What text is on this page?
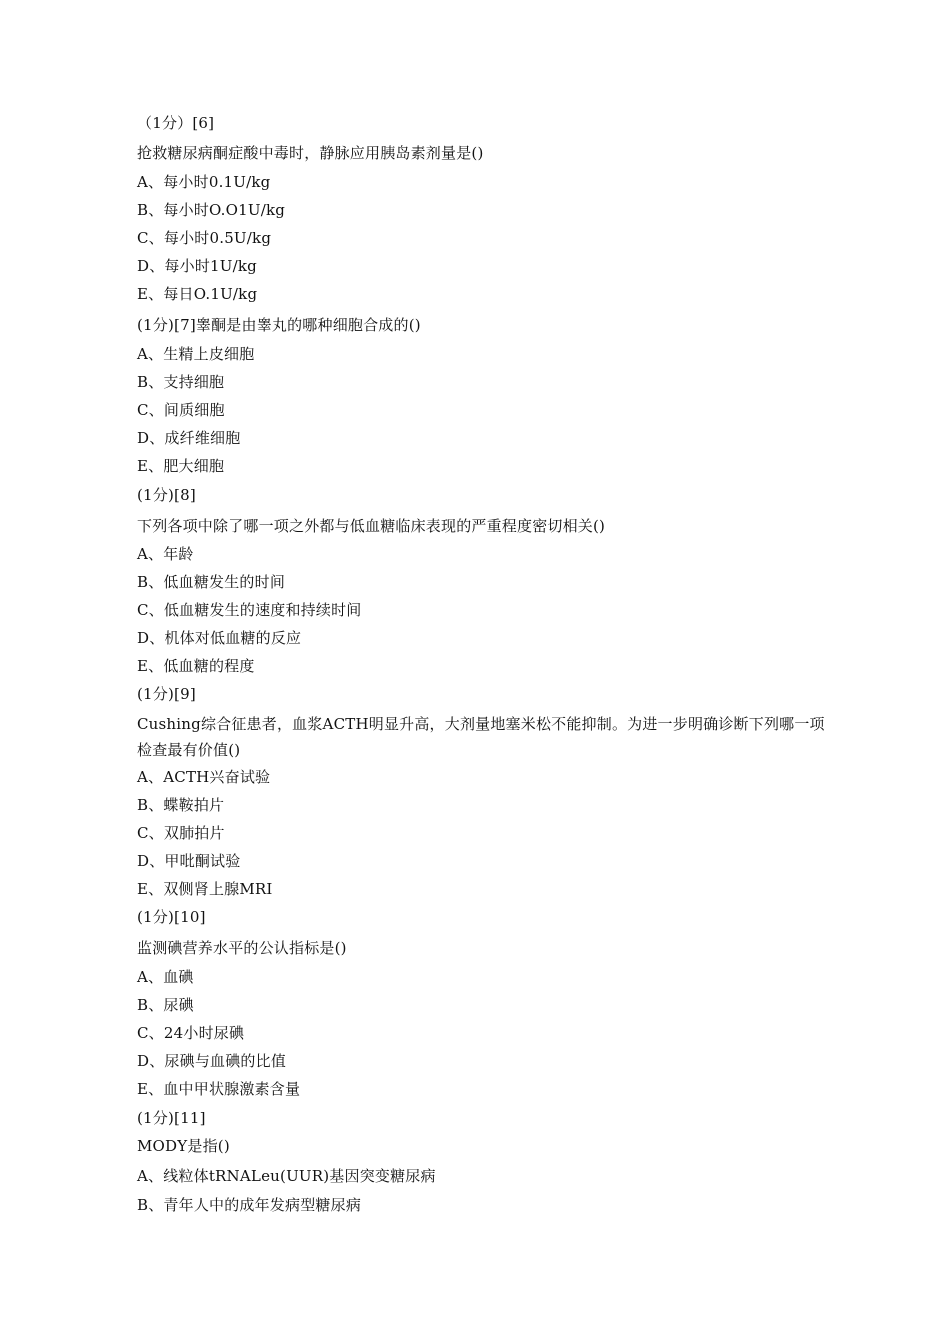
（1分）[6]
抢救糖尿病酮症酸中毒时，静脉应用胰岛素剂量是()
A、每小时0.1U/kg
B、每小时O.O1U/kg
C、每小时0.5U/kg
D、每小时1U/kg
E、每日O.1U/kg
(1分)[7]睾酮是由睾丸的哪种细胞合成的()
A、生精上皮细胞
B、支持细胞
C、间质细胞
D、成纤维细胞
E、肥大细胞
(1分)[8]
下列各项中除了哪一项之外都与低血糖临床表现的严重程度密切相关()
A、年龄
B、低血糖发生的时间
C、低血糖发生的速度和持续时间
D、机体对低血糖的反应
E、低血糖的程度
(1分)[9]
Cushing综合征患者，血浆ACTH明显升高，大剂量地塞米松不能抑制。为进一步明确诊断下列哪一项检查最有价值()
A、ACTH兴奋试验
B、蝶鞍拍片
C、双肺拍片
D、甲吡酮试验
E、双侧肾上腺MRI
(1分)[10]
监测碘营养水平的公认指标是()
A、血碘
B、尿碘
C、24小时尿碘
D、尿碘与血碘的比值
E、血中甲状腺激素含量
(1分)[11]
MODY是指()
A、线粒体tRNALeu(UUR)基因突变糖尿病
B、青年人中的成年发病型糖尿病
